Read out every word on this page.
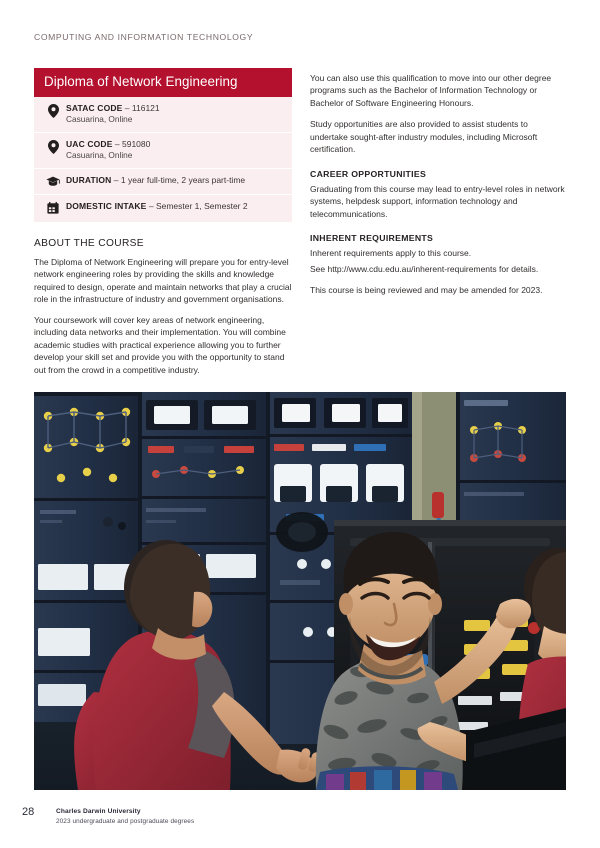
COMPUTING AND INFORMATION TECHNOLOGY
Diploma of Network Engineering
SATAC CODE – 116121
Casuarina, Online
UAC CODE – 591080
Casuarina, Online
DURATION – 1 year full-time, 2 years part-time
DOMESTIC INTAKE – Semester 1, Semester 2
ABOUT THE COURSE

The Diploma of Network Engineering will prepare you for entry-level network engineering roles by providing the skills and knowledge required to design, operate and maintain networks that play a crucial role in the infrastructure of industry and government organisations.

Your coursework will cover key areas of network engineering, including data networks and their implementation. You will combine academic studies with practical experience allowing you to further develop your skill set and provide you with the opportunity to stand out from the crowd in a competitive industry.

You can also use this qualification to move into our other degree programs such as the Bachelor of Information Technology or Bachelor of Software Engineering Honours.

Study opportunities are also provided to assist students to undertake sought-after industry modules, including Microsoft certification.

CAREER OPPORTUNITIES

Graduating from this course may lead to entry-level roles in network systems, helpdesk support, information technology and telecommunications.

INHERENT REQUIREMENTS

Inherent requirements apply to this course.

See http://www.cdu.edu.au/inherent-requirements for details.

This course is being reviewed and may be amended for 2023.

28	Charles Darwin University
2023 undergraduate and postgraduate degrees
